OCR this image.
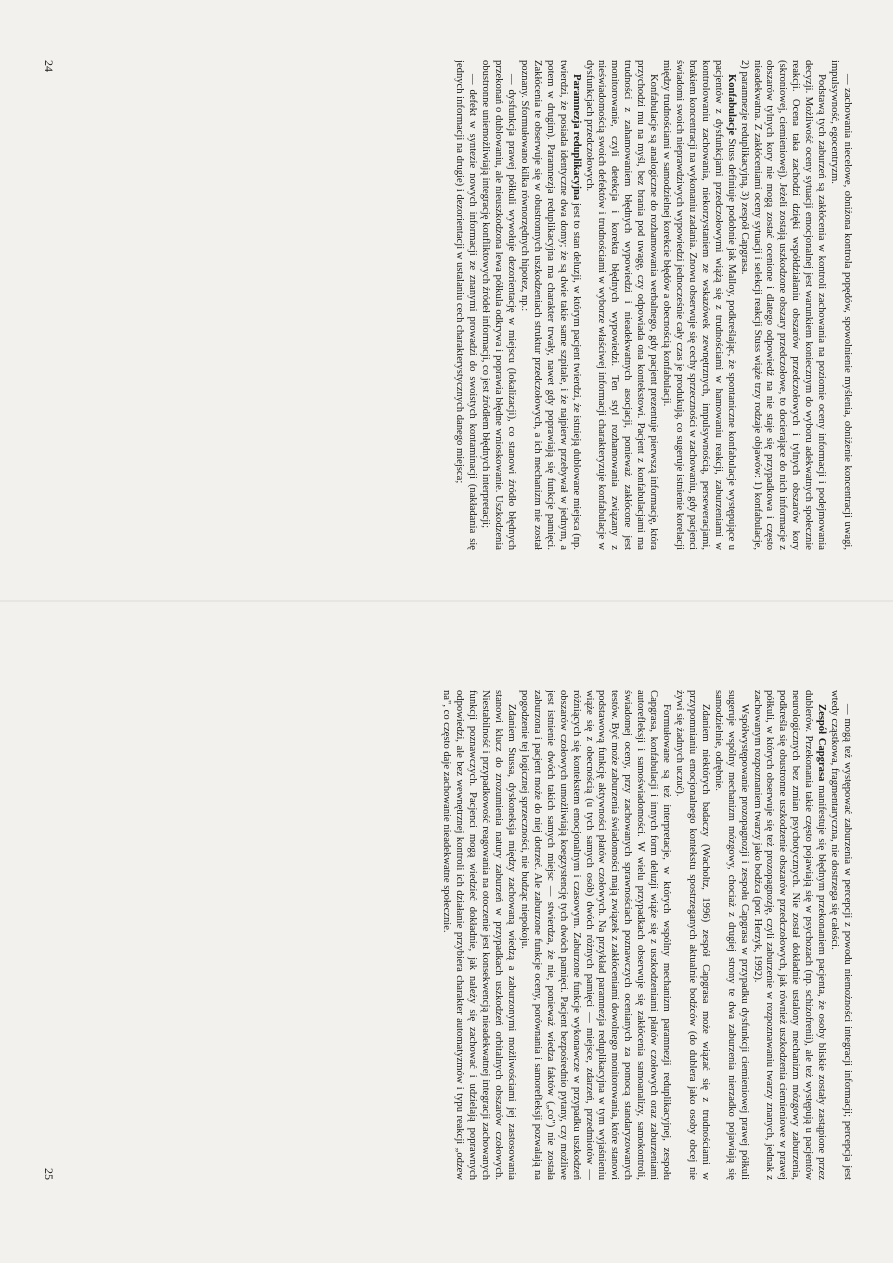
— zachowania niecelowe, obniżona kontrola popędów, spowolnienie myślenia, obniżenie koncentracji uwagi, impulsywność, egocentryzm.

Podstawą tych zaburzeń są zakłócenia w kontroli zachowania na poziomie oceny informacji i podejmowania decyzji. Możliwość oceny sytuacji emocjonalnej jest warunkiem koniecznym do wyboru adekwatnych społecznie reakcji. Ocena taka zachodzi dzięki współdziałaniu obszarów przedczołowych i tylnych obszarów kory (skroniowej, ciemieniowej). Jeżeli zostają uszkodzone obszary przedczołowe, to docierające do nich informacje z obszarów tylnych kory nie mogą zostać ocenione i dlatego odpowiedź na nie staje się przypadkowa i często nieadekwatna. Z zakłóceniami oceny sytuacji i selekcji reakcji Stuss wiąże trzy rodzaje objawów: 1) konfabulacje, 2) paramnezje reduplikacyjną, 3) zespół Capgrasa.

Konfabulacje Stuss definiuje podobnie jak Malloy, podkreślając, że spontaniczne konfabulacje występujące u pacjentów z dysfunkcjami przedczołowymi wiążą się z trudnościami w hamowaniu reakcji, zaburzeniami w kontrolowaniu zachowania, niekorzystaniem ze wskazówek zewnętrznych, impulsywnością, perseweracjami, brakiem koncentracji na wykonaniu zadania. Znowu obserwuje się cechy sprzeczności w zachowaniu, gdy pacjenci świadomi swoich nieprawdziwych wypowiedzi jednocześnie cały czas je produkują, co sugeruje istnienie korelacji między trudnościami w samodzielnej korekcie błędów a obecnością konfabulacji.

Konfabulacje są analogiczne do rozhamowania werbalnego, gdy pacjent prezentuje pierwszą informację, która przychodzi mu na myśl, bez brania pod uwagę, czy odpowiada ona kontekstowi. Pacjent z konfabulacjami ma trudności z zahamowaniem błędnych wypowiedzi i nieadekwatnych asocjacji, ponieważ zakłócone jest monitorowanie, czyli detekcja i korekta błędnych wypowiedzi. Ten styl rozhamowania związany z nieświadomością swoich defektów i trudnościami w wyborze właściwej informacji charakteryzuje konfabulacje w dysfunkcjach przedczołowych.

Paramnezja reduplikacyjna jest to stan deluzji, w którym pacjent twierdzi, że istnieją dublowane miejsca (np. twierdzi, że posiada identyczne dwa domy; że są dwie takie same szpitale, i że najpierw przebywał w jednym, a potem w drugim). Paramnezja reduplikacyjna ma charakter trwały, nawet gdy poprawiają się funkcje pamięci. Zakłócenia te obserwuje się w obustronnych uszkodzeniach struktur przedczołowych, a ich mechanizm nie został poznany. Sformułowano kilka równorzędnych hipotez, np.:

— dysfunkcja prawej półkuli wywołuje dezorientację w miejscu (lokalizacji), co stanowi źródło błędnych przekonań o dublowaniu, ale nieuszkodzona lewa półkula odkrywa i poprawia błędne wnioskowanie. Uszkodzenia obustronne uniemożliwiają integrację konfliktowych źródeł informacji, co jest źródłem błędnych interpretacji;

— defekt w syntezie nowych informacji ze znanymi prowadzi do swoistych kontaminacji (nakładania się jednych informacji na drugie) i dezorientacji w ustalaniu cech charakterystycznych danego miejsca;

24

— mogą też występować zaburzenia w percepcji z powodu niemożności integracji informacji; percepcja jest wtedy cząstkowa, fragmentaryczna, nie dostrzega się całości.

Zespół Capgrasa manifestuje się błędnym przekonaniem pacjenta, że osoby bliskie zostały zastąpione przez dublerów. Przekonania takie często pojawiają się w psychozach (np. schizofrenii), ale też występują u pacjentów neurologicznych bez zmian psychotycznych. Nie został dokładnie ustalony mechanizm mózgowy zaburzenia, podkreśla się obustronne uszkodzenie obszarów przedczołowych, jak również uszkodzenia ciemieniowe w prawej półkuli, w których obserwuje się też prozopagnozję, czyli zaburzenie w rozpoznawaniu twarzy znanych, jednak z zachowanym rozpoznaniem twarzy jako bodźca (por. Herzyk, 1992).

Współwystępowanie prozopagnozji i zespołu Capgrasa w przypadku dysfunkcji ciemieniowej prawej półkuli sugeruje wspólny mechanizm mózgowy, chociaż z drugiej strony te dwa zaburzenia nierzadko pojawiają się samodzielnie, odrębnie.

Zdaniem niektórych badaczy (Wacholtz, 1996) zespół Capgrasa może wiązać się z trudnościami w przypomnianiu emocjonalnego kontekstu spostrzeganych aktualnie bodźców (do dublera jako osoby obcej nie żywi się żadnych uczuć).

Formułowane są też interpretacje, w których wspólny mechanizm paramnezji reduplikacyjnej, zespołu Capgrasa, konfabulacji i innych form deluzji wiąże się z uszkodzeniami płatów czołowych oraz zaburzeniami autorefleksji i samoświadomości. W wielu przypadkach obserwuje się zakłócenia samoanalizy, samokontroli, świadomej oceny, przy zachowanych sprawnościach poznawczych ocenianych za pomocą standaryzowanych testów. Być może zaburzenia świadomości mają związek z zakłóceniami dowolnego monitorowania, które stanowi podstawową funkcję aktywności płatów czołowych. Na przykład paramnezja reduplikacyjna w tym wyjaśnieniu wiąże się z obecnością (u tych samych osób) dwóch różnych pamięci — miejsce, zdarzeń, przedmiotów — różniących się kontekstem emocjonalnym i czasowym. Zaburzone funkcje wykonawcze w przypadku uszkodzeń obszarów czołowych umożliwiają koegzystencję tych dwóch pamięci. Pacjent bezpośrednio pytany, czy możliwe jest istnienie dwóch takich samych miejsc — stwierdza, że nie, ponieważ wiedza faktów („co") nie została zaburzona i pacjent może do niej dotrzeć. Ale zaburzone funkcje oceny, porównania i samorefleksji pozwalają na pogodzenie tej logicznej sprzeczności, nie budząc niepokoju.

Zdaniem Stussa, dyskoneksja między zachowaną wiedzą a zaburzonymi możliwościami jej zastosowania stanowi klucz do zrozumienia natury zaburzeń w przypadkach uszkodzeń orbitalnych obszarów czołowych. Niestabilność i przypadkowość reagowania na otoczenie jest konsekwencją nieadekwatnej integracji zachowanych funkcji poznawczych. Pacjenci mogą wiedzieć dokładnie, jak należy się zachować i udzielają poprawnych odpowiedzi, ale bez wewnętrznej kontroli ich działanie przybiera charakter automatyzmów i typu reakcji „odzew na", co często daje zachowanie nieadekwatne społecznie.

25
